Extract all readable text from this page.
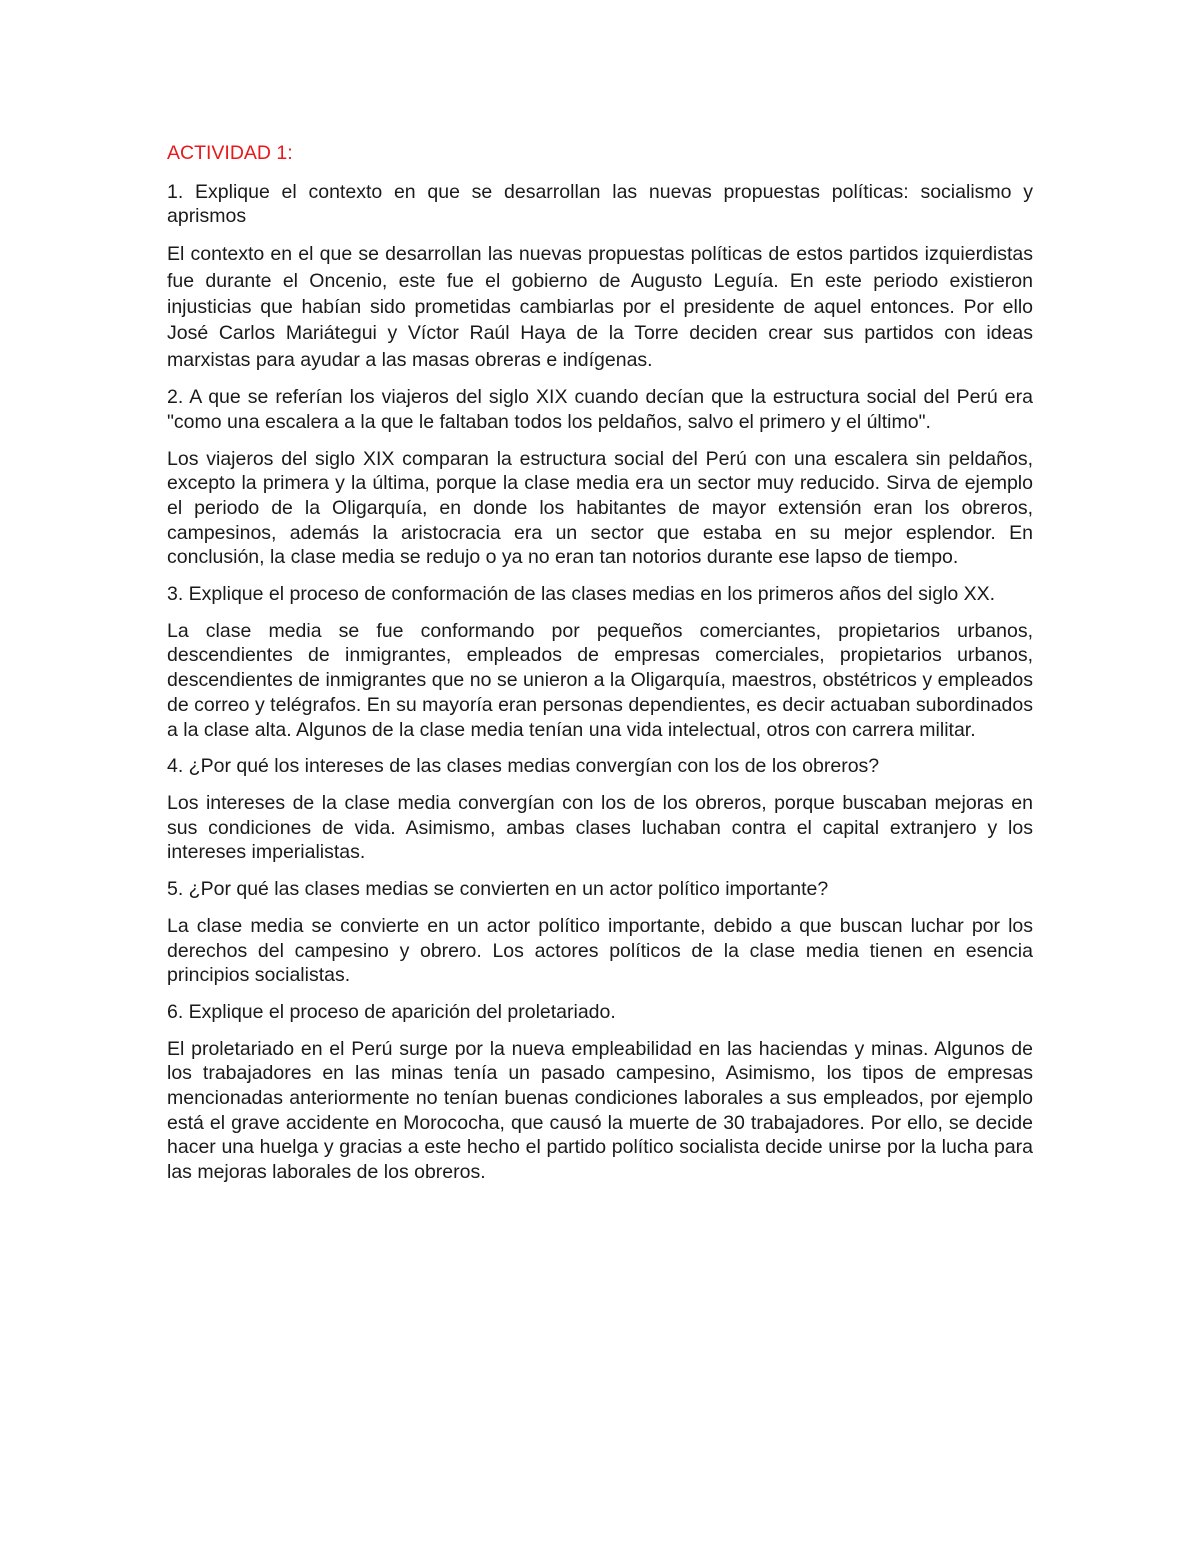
ACTIVIDAD 1:

1. Explique el contexto en que se desarrollan las nuevas propuestas políticas: socialismo y aprismos

El contexto en el que se desarrollan las nuevas propuestas políticas de estos partidos izquierdistas fue durante el Oncenio, este fue el gobierno de Augusto Leguía. En este periodo existieron injusticias que habían sido prometidas cambiarlas por el presidente de aquel entonces. Por ello José Carlos Mariátegui y Víctor Raúl Haya de la Torre deciden crear sus partidos con ideas marxistas para ayudar a las masas obreras e indígenas.

2. A que se referían los viajeros del siglo XIX cuando decían que la estructura social del Perú era "como una escalera a la que le faltaban todos los peldaños, salvo el primero y el último".

Los viajeros del siglo XIX comparan la estructura social del Perú con una escalera sin peldaños, excepto la primera y la última, porque la clase media era un sector muy reducido. Sirva de ejemplo el periodo de la Oligarquía, en donde los habitantes de mayor extensión eran los obreros, campesinos, además la aristocracia era un sector que estaba en su mejor esplendor. En conclusión, la clase media se redujo o ya no eran tan notorios durante ese lapso de tiempo.

3. Explique el proceso de conformación de las clases medias en los primeros años del siglo XX.

La clase media se fue conformando por pequeños comerciantes, propietarios urbanos, descendientes de inmigrantes, empleados de empresas comerciales, propietarios urbanos, descendientes de inmigrantes que no se unieron a la Oligarquía, maestros, obstétricos y empleados de correo y telégrafos. En su mayoría eran personas dependientes, es decir actuaban subordinados a la clase alta. Algunos de la clase media tenían una vida intelectual, otros con carrera militar.

4. ¿Por qué los intereses de las clases medias convergían con los de los obreros?

Los intereses de la clase media convergían con los de los obreros, porque buscaban mejoras en sus condiciones de vida. Asimismo, ambas clases luchaban contra el capital extranjero y los intereses imperialistas.

5. ¿Por qué las clases medias se convierten en un actor político importante?

La clase media se convierte en un actor político importante, debido a que buscan luchar por los derechos del campesino y obrero. Los actores políticos de la clase media tienen en esencia principios socialistas.

6. Explique el proceso de aparición del proletariado.

El proletariado en el Perú surge por la nueva empleabilidad en las haciendas y minas. Algunos de los trabajadores en las minas tenía un pasado campesino, Asimismo, los tipos de empresas mencionadas anteriormente no tenían buenas condiciones laborales a sus empleados, por ejemplo está el grave accidente en Morococha, que causó la muerte de 30 trabajadores. Por ello, se decide hacer una huelga y gracias a este hecho el partido político socialista decide unirse por la lucha para las mejoras laborales de los obreros.
